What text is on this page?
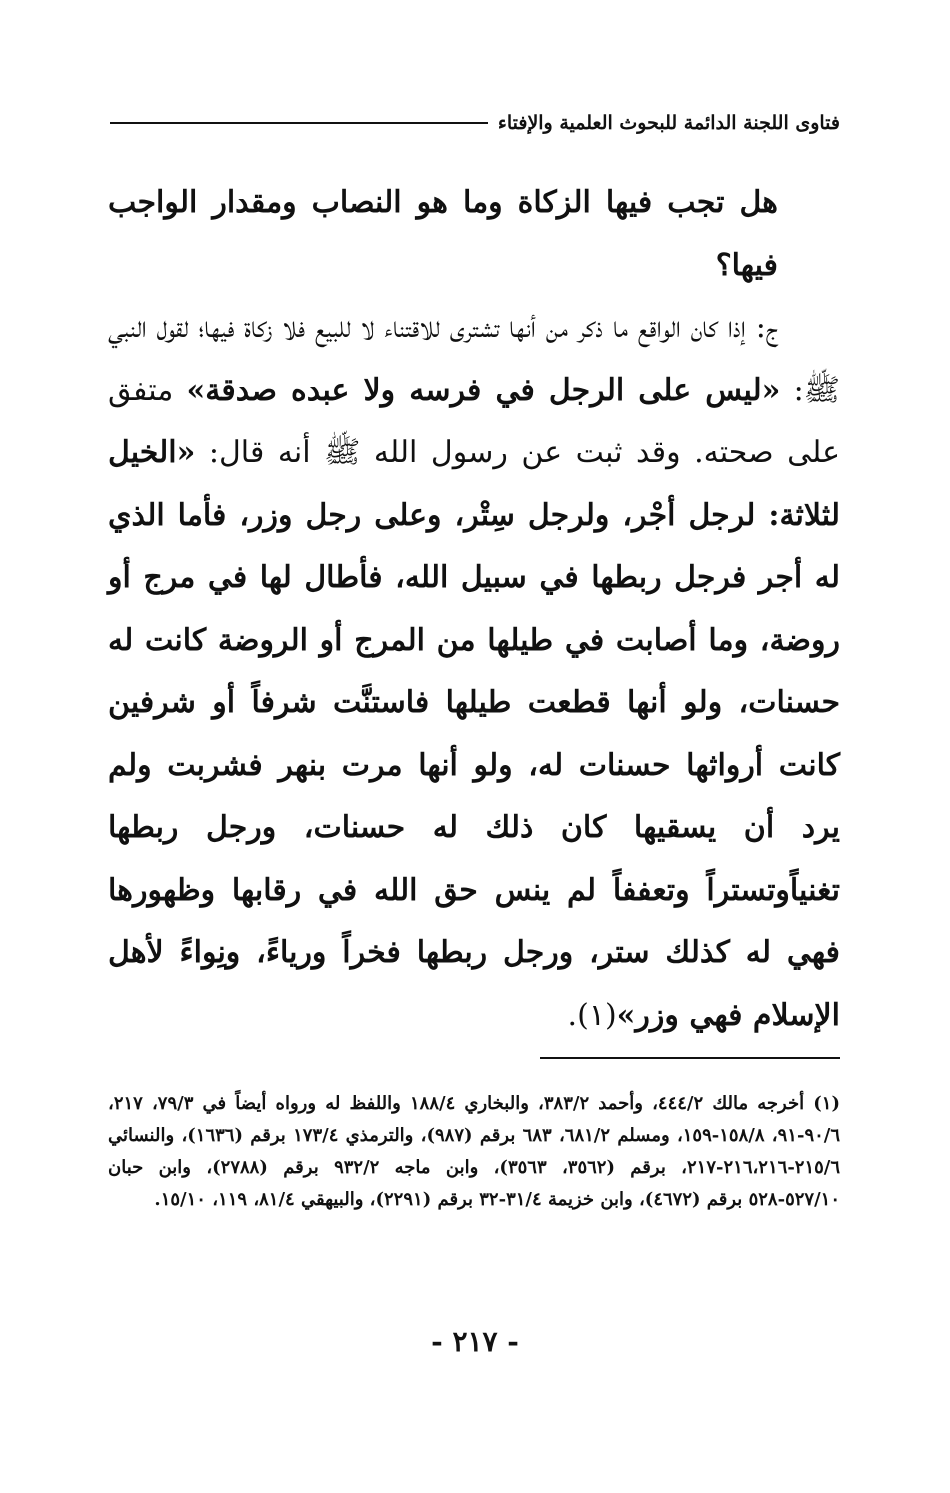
فتاوى اللجنة الدائمة للبحوث العلمية والإفتاء

هل تجب فيها الزكاة وما هو النصاب ومقدار الواجب فيها؟

ج: إذا كان الواقع ما ذكر من أنها تشترى للاقتناء لا للبيع فلا زكاة فيها؛ لقول النبي ﷺ: «ليس على الرجل في فرسه ولا عبده صدقة» متفق على صحته. وقد ثبت عن رسول الله ﷺ أنه قال: «الخيل لثلاثة: لرجل أجْر، ولرجل سِتْر، وعلى رجل وزر، فأما الذي له أجر فرجل ربطها في سبيل الله، فأطال لها في مرج أو روضة، وما أصابت في طيلها من المرج أو الروضة كانت له حسنات، ولو أنها قطعت طيلها فاستنَّت شرفاً أو شرفين كانت أرواثها حسنات له، ولو أنها مرت بنهر فشربت ولم يرد أن يسقيها كان ذلك له حسنات، ورجل ربطها تغنياًوتستراً وتعففاً لم ينس حق الله في رقابها وظهورها فهي له كذلك ستر، ورجل ربطها فخراً ورياءً، ونِواءً لأهل الإسلام فهي وزر»(١).

(١) أخرجه مالك ٤٤٤/٢، وأحمد ٣٨٣/٢، والبخاري ١٨٨/٤ واللفظ له ورواه أيضاً في ٧٩/٣، ٢١٧، ٩٠/٦-٩١، ١٥٨/٨-١٥٩، ومسلم ٦٨١/٢، ٦٨٣ برقم (٩٨٧)، والترمذي ١٧٣/٤ برقم (١٦٣٦)، والنسائي ٢١٥/٦-٢١٦،٢١٦-٢١٧، برقم (٣٥٦٢، ٣٥٦٣)، وابن ماجه ٩٣٢/٢ برقم (٢٧٨٨)، وابن حبان ٥٢٧/١٠-٥٢٨ برقم (٤٦٧٢)، وابن خزيمة ٣١/٤-٣٢ برقم (٢٢٩١)، والبيهقي ٨١/٤، ١١٩، ١٥/١٠.
- ٢١٧ -
